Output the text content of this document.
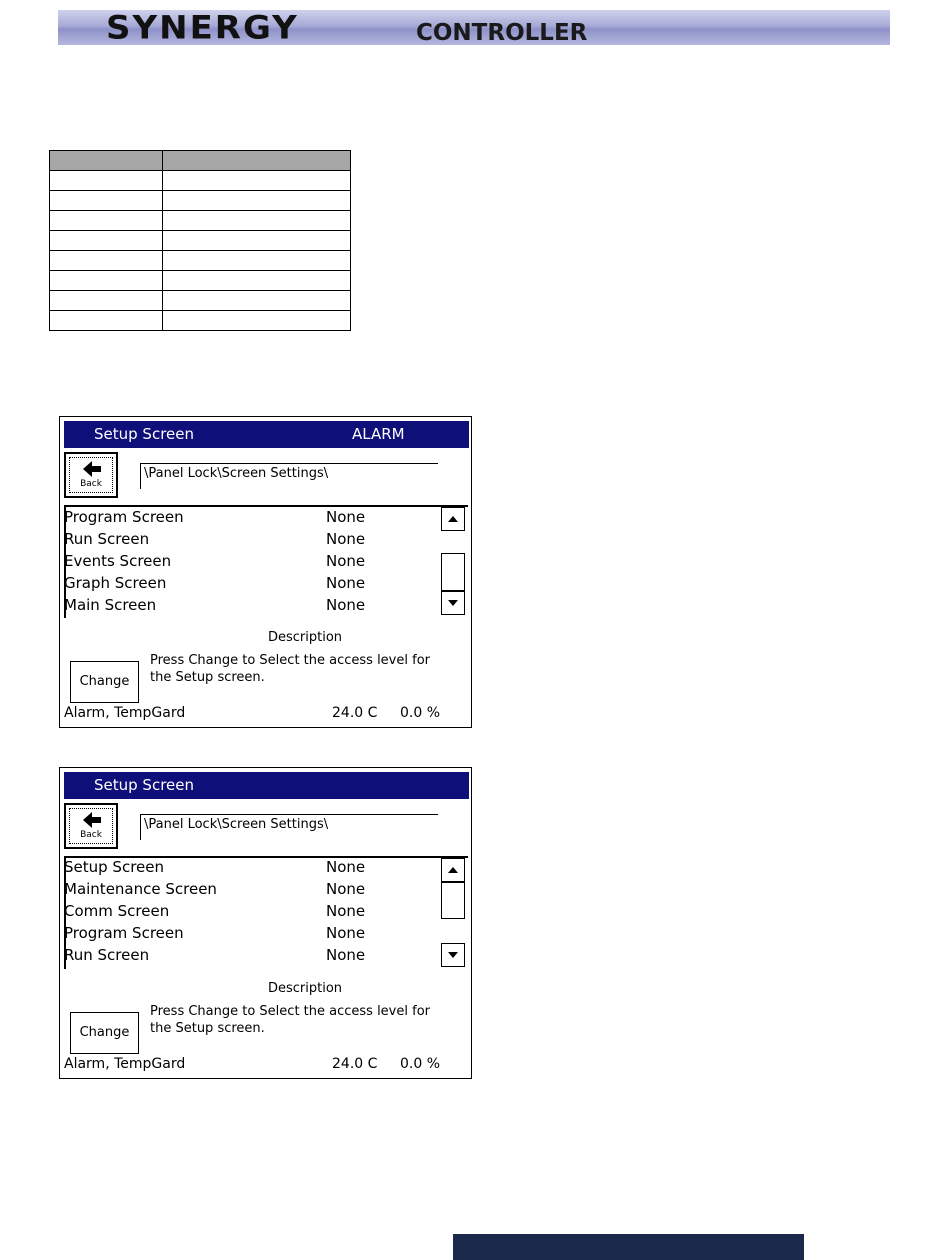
SYNERGY	CONTROLLER

Setup Screen	ALARM
Back
\Panel Lock\Screen Settings\
Program Screen	None
Run Screen	None
Events Screen	None
Graph Screen	None
Main Screen	None
Description
Change
Press Change to Select the access level for the Setup screen.
Alarm, TempGard	24.0 C 0.0 %
Setup Screen
Back
\Panel Lock\Screen Settings\
Setup Screen	None
Maintenance Screen	None
Comm Screen	None
Program Screen	None
Run Screen	None
Description
Change
Press Change to Select the access level for the Setup screen.
Alarm, TempGard	24.0 C 0.0 %
